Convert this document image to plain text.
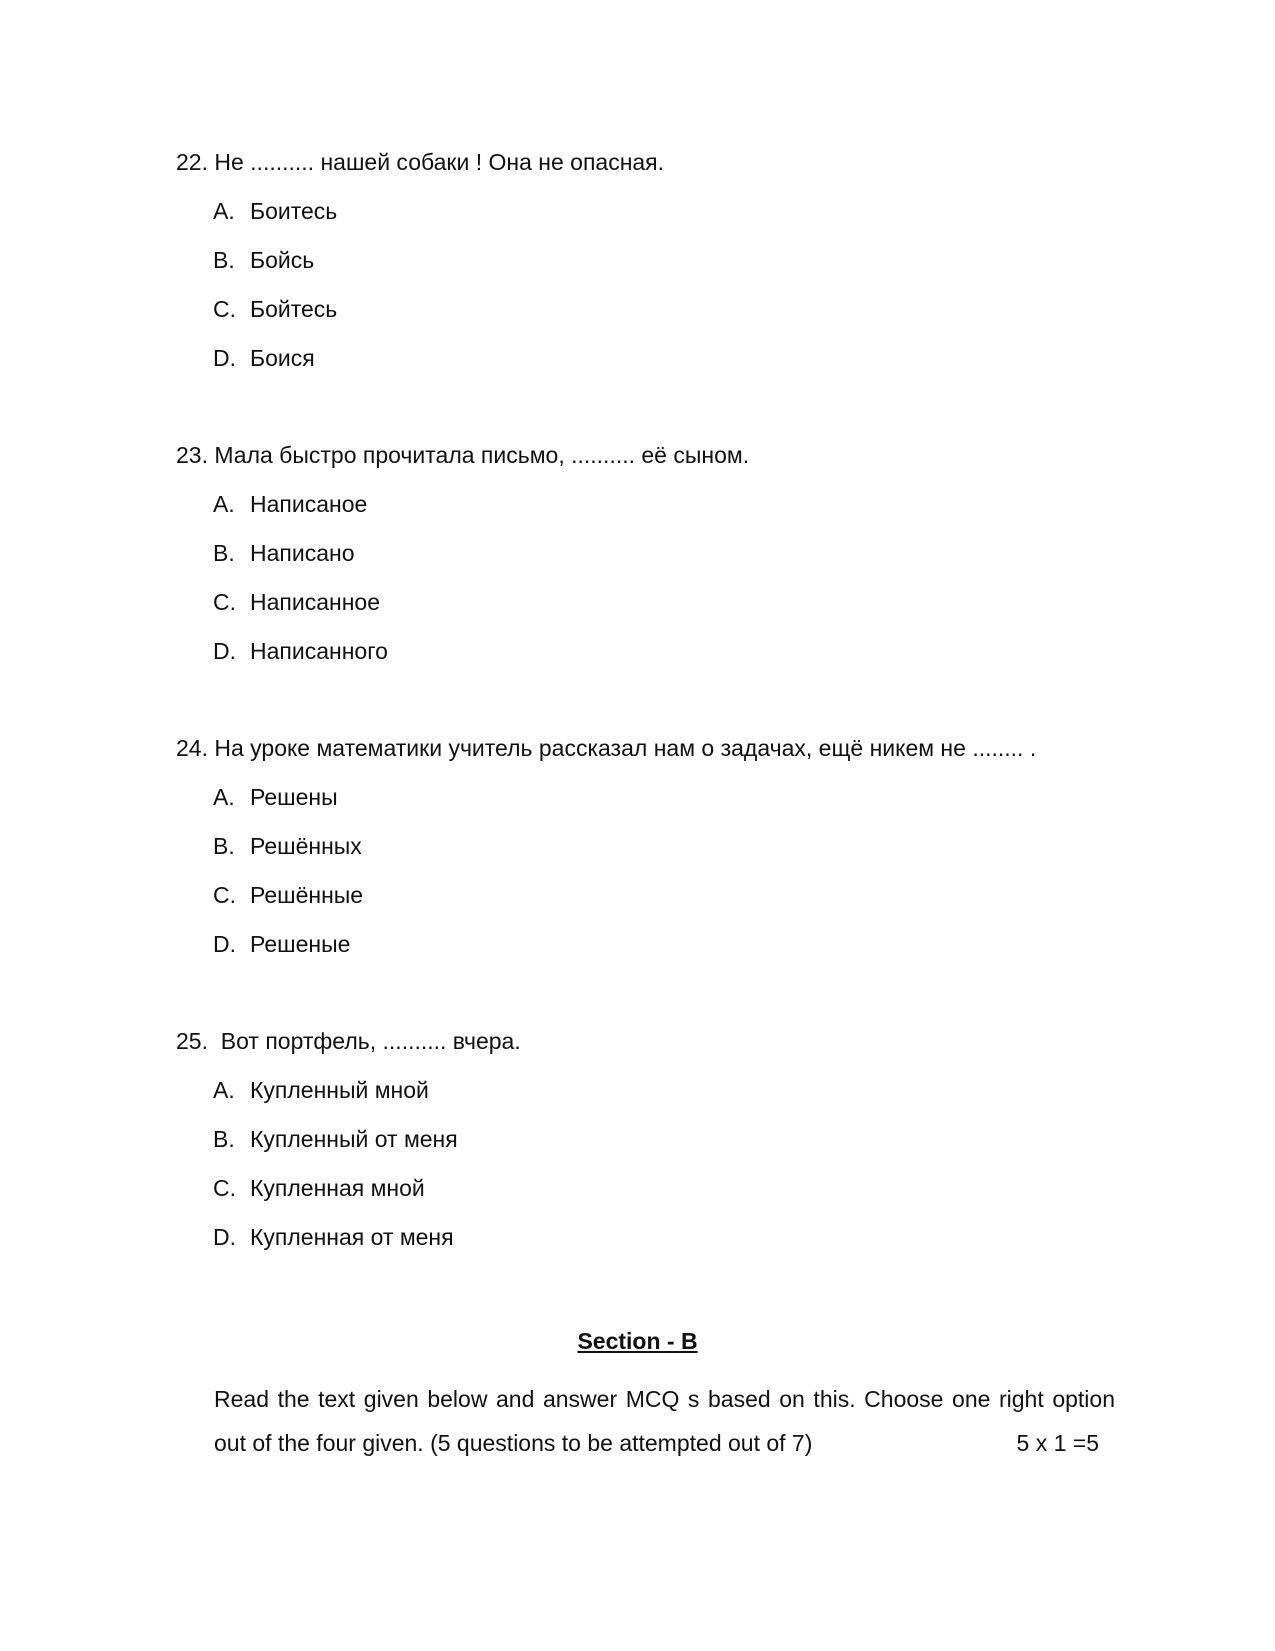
22. Не .......... нашей собаки ! Она не опасная.
A. Боитесь
B. Бойсь
C. Бойтесь
D. Боися
23. Мала быстро прочитала письмо, .......... её сыном.
A. Написаное
B. Написано
C. Написанное
D. Написанного
24. На уроке математики учитель рассказал нам о задачах, ещё никем не ........ .
A. Решены
B. Решённых
C. Решённые
D. Решеные
25.  Вот портфель, .......... вчера.
A. Купленный мной
B. Купленный от меня
C. Купленная мной
D. Купленная от меня
Section - B
Read the text given below and answer MCQ s based on this. Choose one right option out of the four given. (5 questions to be attempted out of 7)	5 x 1 =5
